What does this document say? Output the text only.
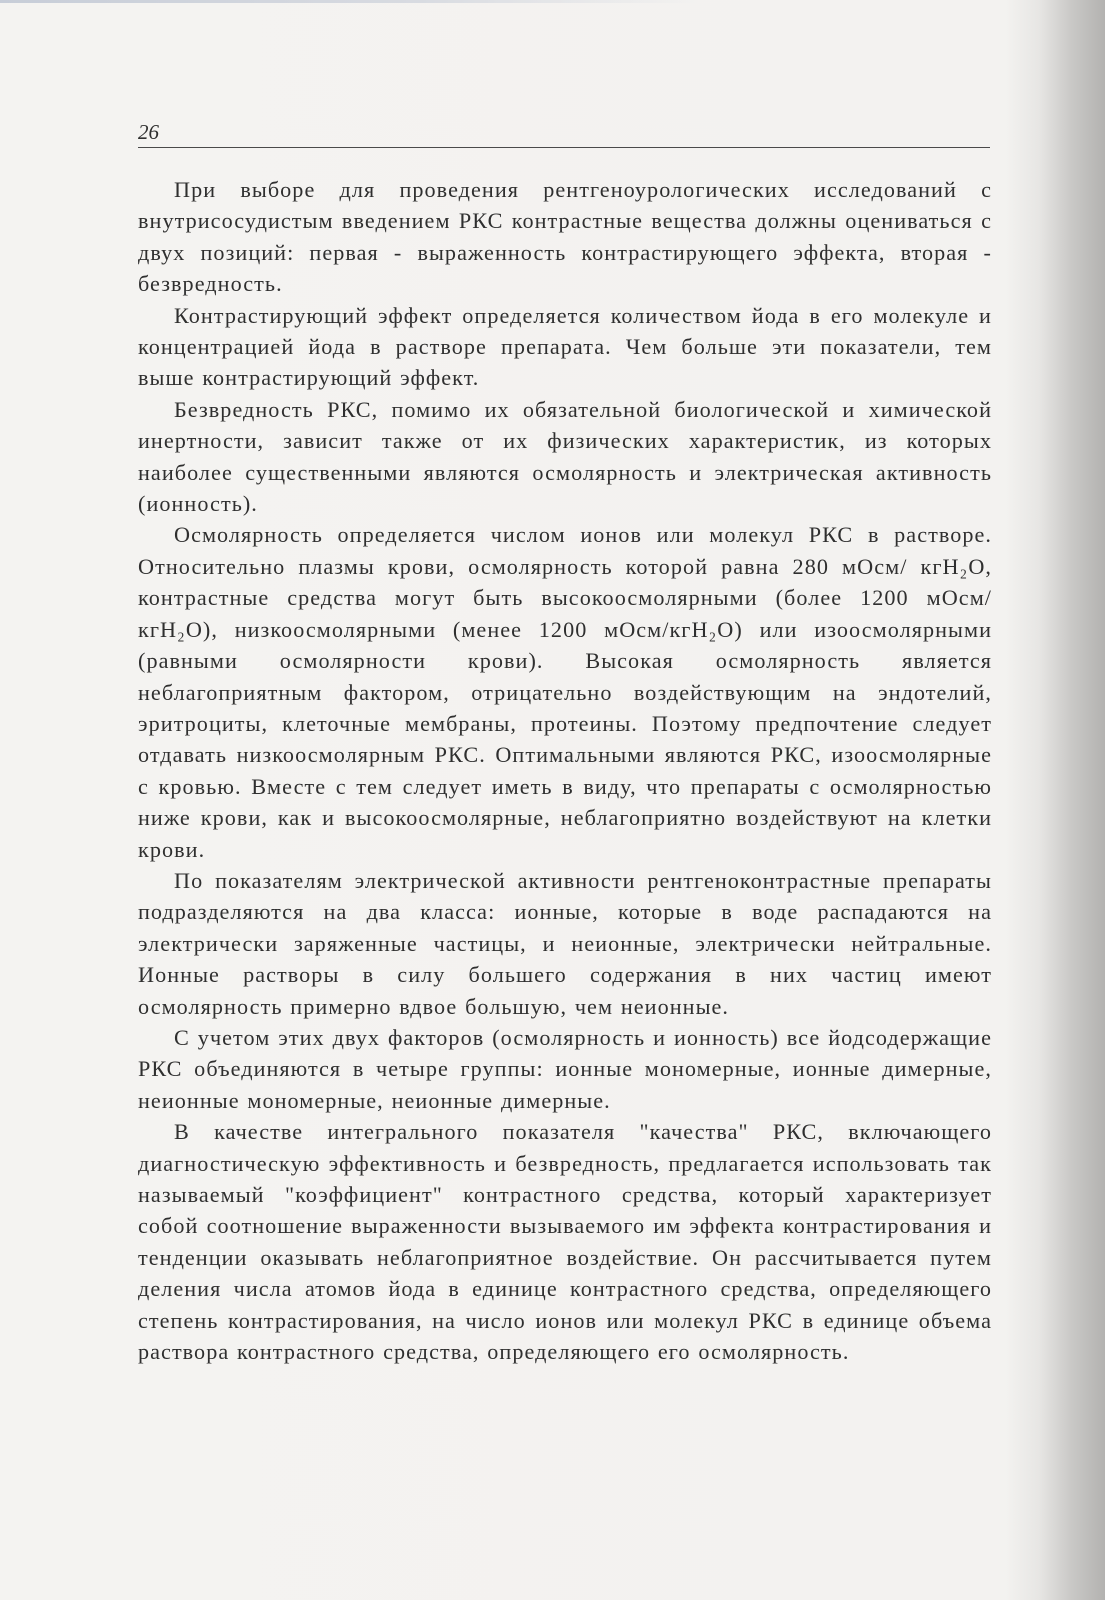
26

При выборе для проведения рентгеноурологических исследований с внутрисосудистым введением РКС контрастные вещества должны оцениваться с двух позиций: первая - выраженность контрастирующего эффекта, вторая - безвредность.

Контрастирующий эффект определяется количеством йода в его молекуле и концентрацией йода в растворе препарата. Чем больше эти показатели, тем выше контрастирующий эффект.

Безвредность РКС, помимо их обязательной биологической и химической инертности, зависит также от их физических характеристик, из которых наиболее существенными являются осмолярность и электрическая активность (ионность).

Осмолярность определяется числом ионов или молекул РКС в растворе. Относительно плазмы крови, осмолярность которой равна 280 мОсм/ кгН₂О, контрастные средства могут быть высокоосмолярными (более 1200 мОсм/кгН₂О), низкоосмолярными (менее 1200 мОсм/кгН₂О) или изоосмолярными (равными осмолярности крови). Высокая осмолярность является неблагоприятным фактором, отрицательно воздействующим на эндотелий, эритроциты, клеточные мембраны, протеины. Поэтому предпочтение следует отдавать низкоосмолярным РКС. Оптимальными являются РКС, изоосмолярные с кровью. Вместе с тем следует иметь в виду, что препараты с осмолярностью ниже крови, как и высокоосмолярные, неблагоприятно воздействуют на клетки крови.

По показателям электрической активности рентгеноконтрастные препараты подразделяются на два класса: ионные, которые в воде распадаются на электрически заряженные частицы, и неионные, электрически нейтральные. Ионные растворы в силу большего содержания в них частиц имеют осмолярность примерно вдвое большую, чем неионные.

С учетом этих двух факторов (осмолярность и ионность) все йодсодержащие РКС объединяются в четыре группы: ионные мономерные, ионные димерные, неионные мономерные, неионные димерные.

В качестве интегрального показателя "качества" РКС, включающего диагностическую эффективность и безвредность, предлагается использовать так называемый "коэффициент" контрастного средства, который характеризует собой соотношение выраженности вызываемого им эффекта контрастирования и тенденции оказывать неблагоприятное воздействие. Он рассчитывается путем деления числа атомов йода в единице контрастного средства, определяющего степень контрастирования, на число ионов или молекул РКС в единице объема раствора контрастного средства, определяющего его осмолярность.
